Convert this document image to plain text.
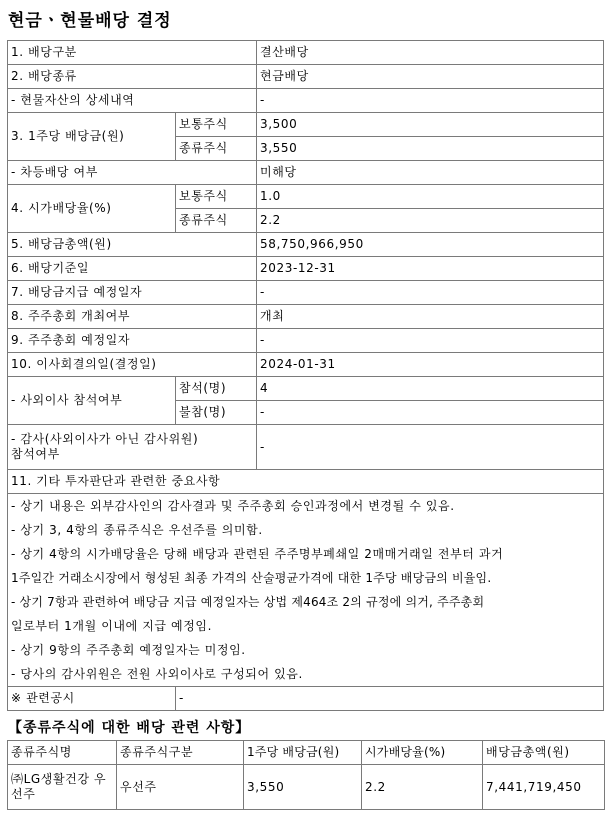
현금ㆍ현물배당 결정
1. 배당구분	결산배당
2. 배당종류	현금배당
- 현물자산의 상세내역	-
3. 1주당 배당금(원)	보통주식	3,500
종류주식	3,550
- 차등배당 여부	미해당
4. 시가배당율(%)	보통주식	1.0
종류주식	2.2
5. 배당금총액(원)	58,750,966,950
6. 배당기준일	2023-12-31
7. 배당금지급 예정일자	-
8. 주주총회 개최여부	개최
9. 주주총회 예정일자	-
10. 이사회결의일(결정일)	2024-01-31
- 사외이사 참석여부	참석(명)	4
불참(명)	-

- 감사(사외이사가 아닌 감사위원)
참석여부
	-
11. 기타 투자판단과 관련한 중요사항

- 상기 내용은 외부감사인의 감사결과 및 주주총회 승인과정에서 변경될 수 있음.
- 상기 3, 4항의 종류주식은 우선주를 의미함.
- 상기 4항의 시가배당율은 당해 배당과 관련된 주주명부폐쇄일 2매매거래일 전부터 과거
1주일간 거래소시장에서 형성된 최종 가격의 산술평균가격에 대한 1주당 배당금의 비율임.
- 상기 7항과 관련하여 배당금 지급 예정일자는 상법 제464조 2의 규정에 의거, 주주총회
일로부터 1개월 이내에 지급 예정임.
- 상기 9항의 주주총회 예정일자는 미정임.
- 당사의 감사위원은 전원 사외이사로 구성되어 있음.

※ 관련공시	-
【종류주식에 대한 배당 관련 사항】
종류주식명	종류주식구분	1주당 배당금(원)	시가배당율(%)	배당금총액(원)

㈜LG생활건강 우
선주	우선주	3,550	2.2	7,441,719,450
